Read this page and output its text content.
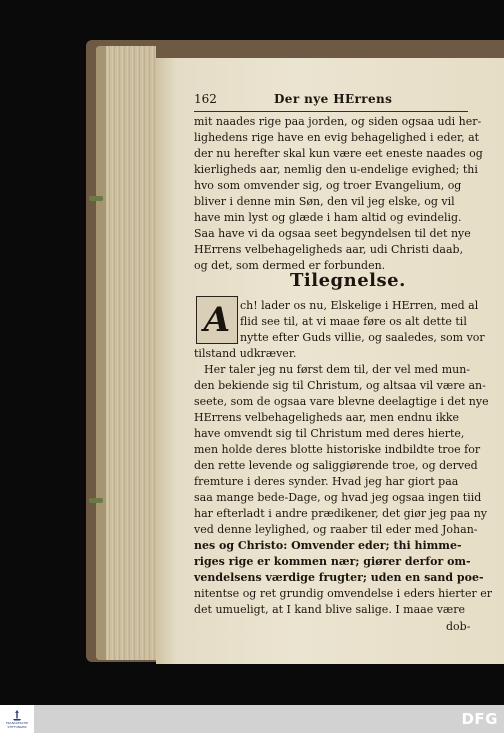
162	Der nye HErrens
mit naades rige paa jorden, og siden ogsaa udi her-
lighedens rige have en evig behagelighed i eder, at
der nu herefter skal kun være eet eneste naades og
kierligheds aar, nemlig den u-endelige evighed; thi
hvo som omvender sig, og troer Evangelium, og
bliver i denne min Søn, den vil jeg elske, og vil
have min lyst og glæde i ham altid og evindelig.
Saa have vi da ogsaa seet begyndelsen til det nye
HErrens velbehageligheds aar, udi Christi daab,
og det, som dermed er forbunden.
Tilegnelse.
A ch! lader os nu, Elskelige i HErren, med al
flid see til, at vi maae føre os alt dette til
nytte efter Guds villie, og saaledes, som vor
tilstand udkræver.
Her taler jeg nu først dem til, der vel med mun-
den bekiende sig til Christum, og altsaa vil være an-
seete, som de ogsaa vare blevne deelagtige i det nye
HErrens velbehageligheds aar, men endnu ikke
have omvendt sig til Christum med deres hierte,
men holde deres blotte historiske indbildte troe for
den rette levende og saliggiørende troe, og derved
fremture i deres synder. Hvad jeg har giort paa
saa mange bede-Dage, og hvad jeg ogsaa ingen tiid
har efterladt i andre prædikener, det giør jeg paa ny
ved denne leylighed, og raaber til eder med Johan-
nes og Christo: Omvender eder; thi himme-
riges rige er kommen nær; giører derfor om-
vendelsens værdige frugter; uden en sand poe-
nitentse og ret grundig omvendelse i eders hierter er
det umueligt, at I kand blive salige. I maae være
dob-
FRANCKESCHE STIFTUNGEN	DFG
